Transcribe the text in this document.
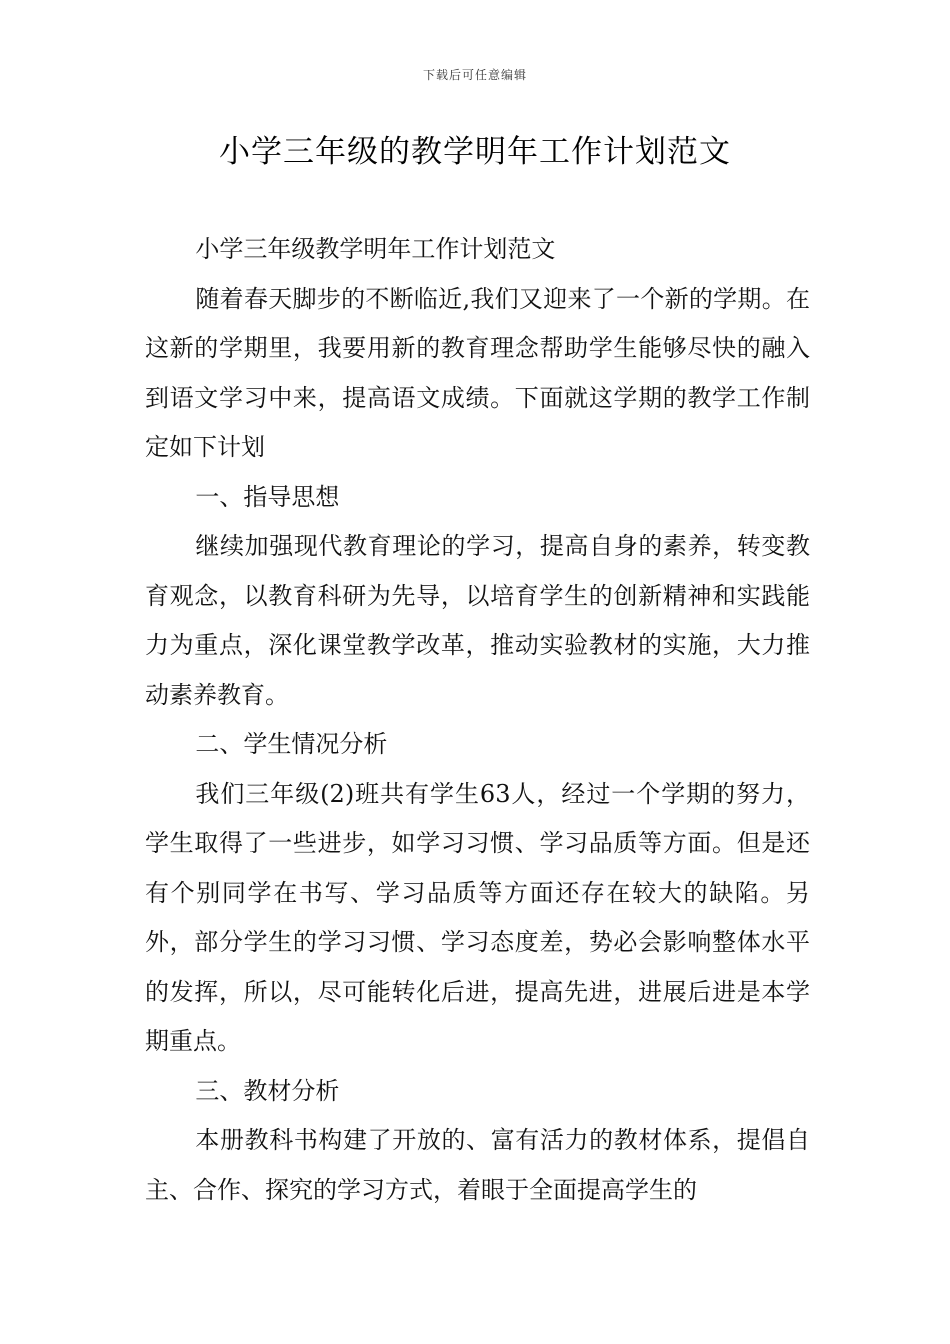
下载后可任意编辑
小学三年级的教学明年工作计划范文

小学三年级教学明年工作计划范文

随着春天脚步的不断临近,我们又迎来了一个新的学期。在这新的学期里，我要用新的教育理念帮助学生能够尽快的融入到语文学习中来，提高语文成绩。下面就这学期的教学工作制定如下计划

一、指导思想

继续加强现代教育理论的学习，提高自身的素养，转变教育观念，以教育科研为先导，以培育学生的创新精神和实践能力为重点，深化课堂教学改革，推动实验教材的实施，大力推动素养教育。

二、学生情况分析

我们三年级(2)班共有学生63人，经过一个学期的努力，学生取得了一些进步，如学习习惯、学习品质等方面。但是还有个别同学在书写、学习品质等方面还存在较大的缺陷。另外，部分学生的学习习惯、学习态度差，势必会影响整体水平的发挥，所以，尽可能转化后进，提高先进，进展后进是本学期重点。

三、教材分析

本册教科书构建了开放的、富有活力的教材体系，提倡自主、合作、探究的学习方式，着眼于全面提高学生的
